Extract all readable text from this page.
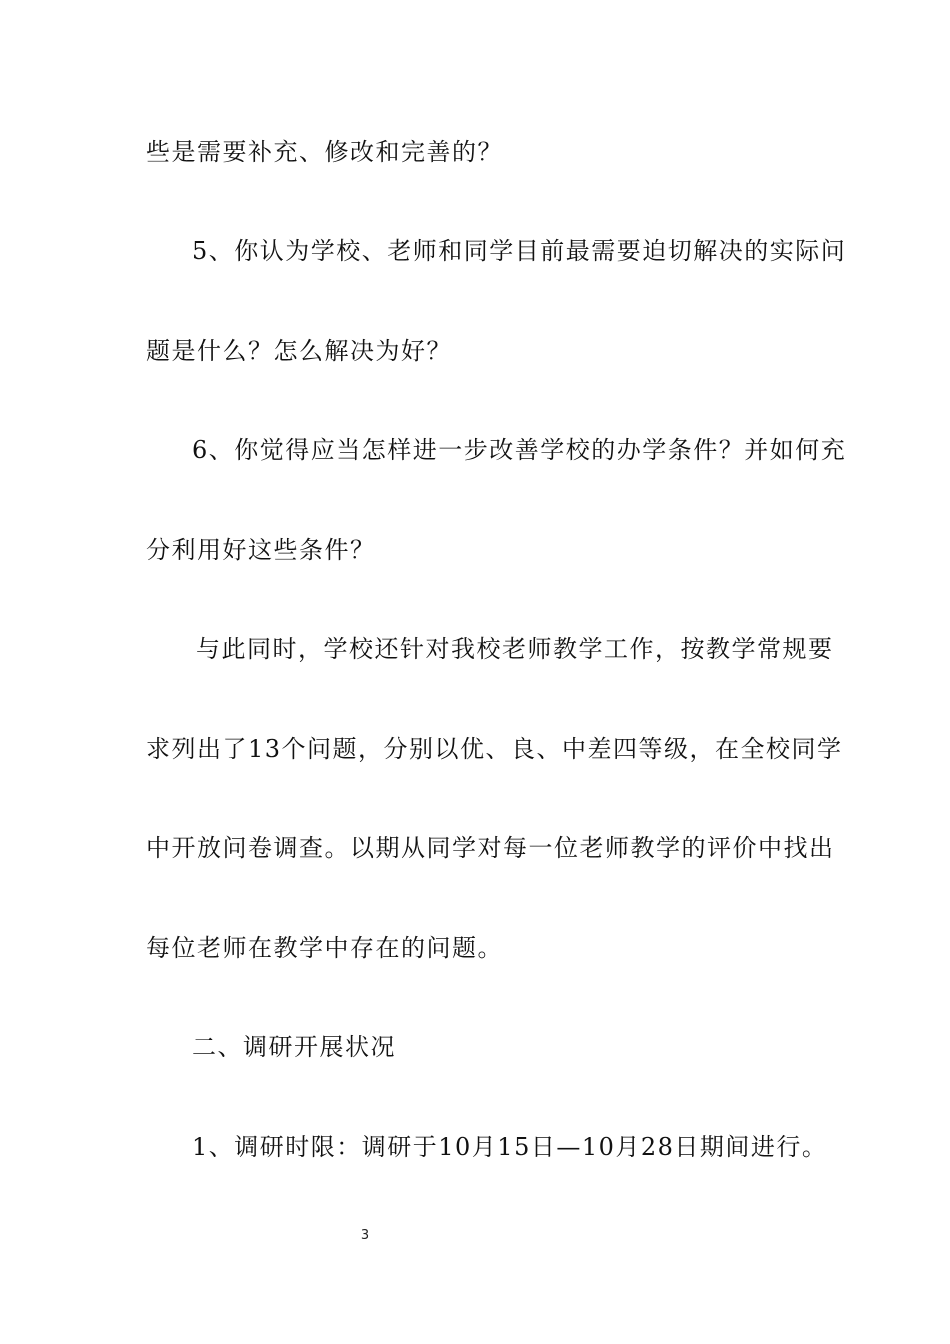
些是需要补充、修改和完善的？
5、你认为学校、老师和同学目前最需要迫切解决的实际问
题是什么？怎么解决为好？
6、你觉得应当怎样进一步改善学校的办学条件？并如何充
分利用好这些条件？
与此同时，学校还针对我校老师教学工作，按教学常规要
求列出了13个问题，分别以优、良、中差四等级，在全校同学
中开放问卷调查。以期从同学对每一位老师教学的评价中找出
每位老师在教学中存在的问题。
二、调研开展状况
1、调研时限：调研于10月15日—10月28日期间进行。
3
